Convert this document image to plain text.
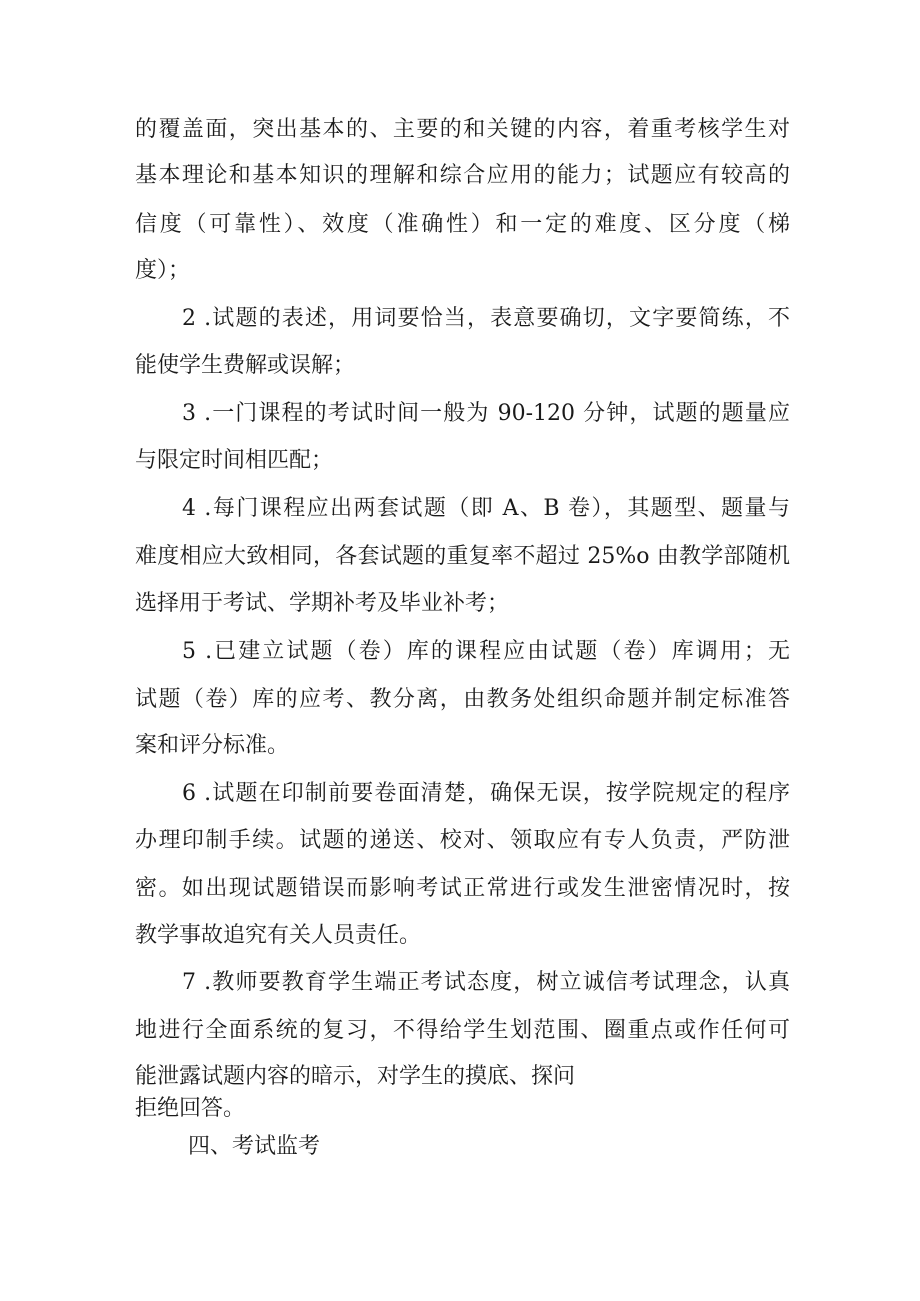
的覆盖面，突出基本的、主要的和关键的内容，着重考核学生对
基本理论和基本知识的理解和综合应用的能力；试题应有较高的
信度（可靠性）、效度（准确性）和一定的难度、区分度（梯
度）；
2 .试题的表述，用词要恰当，表意要确切，文字要简练，不
能使学生费解或误解；
3 .一门课程的考试时间一般为 90-120 分钟，试题的题量应
与限定时间相匹配；
4 .每门课程应出两套试题（即 A、B 卷），其题型、题量与
难度相应大致相同，各套试题的重复率不超过 25%o 由教学部随机
选择用于考试、学期补考及毕业补考；
5 .已建立试题（卷）库的课程应由试题（卷）库调用；无
试题（卷）库的应考、教分离，由教务处组织命题并制定标准答
案和评分标准。
6 .试题在印制前要卷面清楚，确保无误，按学院规定的程序
办理印制手续。试题的递送、校对、领取应有专人负责，严防泄
密。如出现试题错误而影响考试正常进行或发生泄密情况时，按
教学事故追究有关人员责任。
7 .教师要教育学生端正考试态度，树立诚信考试理念，认真
地进行全面系统的复习，不得给学生划范围、圈重点或作任何可
能泄露试题内容的暗示，对学生的摸底、探问
拒绝回答。
四、考试监考
